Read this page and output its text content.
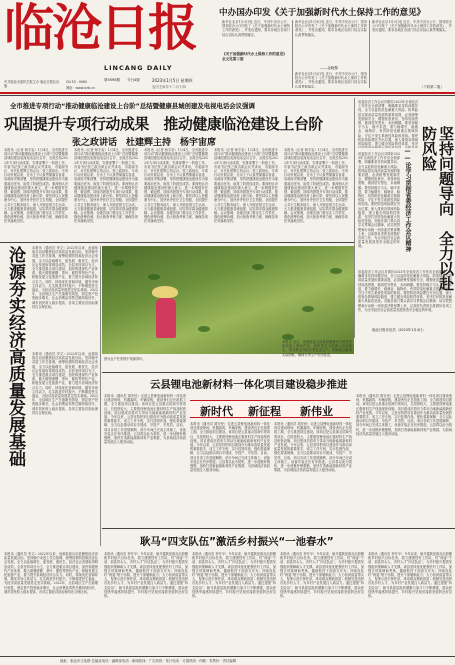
临沧日报
LINCANG DAILY
2023年1月5日 星期四
农历壬寅年十二月十四
第5590期 今日4版
中共临沧市委机关报主办 临沧日报社出版
CN 53 - 0065
网址：www.lcrb.cn
中办国办印发《关于加强新时代水土保持工作的意见》
新华社北京1月3日电 近日，中共中央办公厅、国务院办公厅印发了《关于加强新时代水土保持工作的意见》，并发出通知，要求各地区各部门结合实际认真贯彻落实。
《关于加强新时代水土保持工作的意见》全文见第三版
新华社北京1月3日电 近日，中共中央办公厅、国务院办公厅印发了《关于加强新时代水土保持工作的意见》，并发出通知，要求各地区各部门结合实际认真贯彻落实。
——金晓黎
新华社北京1月3日电 近日，中共中央办公厅、国务院办公厅印发了《关于加强新时代水土保持工作的意见》，并发出通知，要求各地区各部门结合实际认真贯彻落实。
新华社北京1月3日电 近日，中共中央办公厅、国务院办公厅印发了《关于加强新时代水土保持工作的意见》，并发出通知，要求各地区各部门结合实际认真贯彻落实。
（下转第二版）
全市推进专项行动“推动健康临沧建设上台阶”总结暨健康县城创建及电视电话会议强调
巩固提升专项行动成果　推动健康临沧建设上台阶
张之政讲话　杜建辉主持　杨宇宙席
本报讯（记者 杨宇宙）1月4日，全市推进专项行动“推动健康临沧建设上台阶”总结暨健康县城创建及电视电话会议召开，全面总结2022年专项行动成果，安排部署下一阶段工作。市委书记张之政出席会议并讲话，市委副书记、市长杜建辉主持会议。张之政指出，专项行动开展以来，全市上下认真贯彻落实省委、省政府决策部署，坚持把健康临沧建设作为重要政治任务，取得了阶段性成效。要深刻认识健康临沧建设的重大意义，进一步增强责任感、紧迫感，持续巩固提升专项行动成果，推动健康临沧建设再上新台阶。要坚持以人民健康为中心，加快补齐医疗卫生短板，全面提升公共卫生服务能力，深入开展爱国卫生运动，大力推进健康县城创建，切实筑牢群众健康屏障。会议强调，各级各部门要压实工作责任，强化统筹协调，加大督查考核力度，确保各项任务落地见效。
本报讯（记者 杨宇宙）1月4日，全市推进专项行动“推动健康临沧建设上台阶”总结暨健康县城创建及电视电话会议召开，全面总结2022年专项行动成果，安排部署下一阶段工作。市委书记张之政出席会议并讲话，市委副书记、市长杜建辉主持会议。张之政指出，专项行动开展以来，全市上下认真贯彻落实省委、省政府决策部署，坚持把健康临沧建设作为重要政治任务，取得了阶段性成效。要深刻认识健康临沧建设的重大意义，进一步增强责任感、紧迫感，持续巩固提升专项行动成果，推动健康临沧建设再上新台阶。要坚持以人民健康为中心，加快补齐医疗卫生短板，全面提升公共卫生服务能力，深入开展爱国卫生运动，大力推进健康县城创建，切实筑牢群众健康屏障。会议强调，各级各部门要压实工作责任，强化统筹协调，加大督查考核力度，确保各项任务落地见效。
本报讯（记者 杨宇宙）1月4日，全市推进专项行动“推动健康临沧建设上台阶”总结暨健康县城创建及电视电话会议召开，全面总结2022年专项行动成果，安排部署下一阶段工作。市委书记张之政出席会议并讲话，市委副书记、市长杜建辉主持会议。张之政指出，专项行动开展以来，全市上下认真贯彻落实省委、省政府决策部署，坚持把健康临沧建设作为重要政治任务，取得了阶段性成效。要深刻认识健康临沧建设的重大意义，进一步增强责任感、紧迫感，持续巩固提升专项行动成果，推动健康临沧建设再上新台阶。要坚持以人民健康为中心，加快补齐医疗卫生短板，全面提升公共卫生服务能力，深入开展爱国卫生运动，大力推进健康县城创建，切实筑牢群众健康屏障。会议强调，各级各部门要压实工作责任，强化统筹协调，加大督查考核力度，确保各项任务落地见效。
本报讯（记者 杨宇宙）1月4日，全市推进专项行动“推动健康临沧建设上台阶”总结暨健康县城创建及电视电话会议召开，全面总结2022年专项行动成果，安排部署下一阶段工作。市委书记张之政出席会议并讲话，市委副书记、市长杜建辉主持会议。张之政指出，专项行动开展以来，全市上下认真贯彻落实省委、省政府决策部署，坚持把健康临沧建设作为重要政治任务，取得了阶段性成效。要深刻认识健康临沧建设的重大意义，进一步增强责任感、紧迫感，持续巩固提升专项行动成果，推动健康临沧建设再上新台阶。要坚持以人民健康为中心，加快补齐医疗卫生短板，全面提升公共卫生服务能力，深入开展爱国卫生运动，大力推进健康县城创建，切实筑牢群众健康屏障。会议强调，各级各部门要压实工作责任，强化统筹协调，加大督查考核力度，确保各项任务落地见效。
本报讯（记者 杨宇宙）1月4日，全市推进专项行动“推动健康临沧建设上台阶”总结暨健康县城创建及电视电话会议召开，全面总结2022年专项行动成果，安排部署下一阶段工作。市委书记张之政出席会议并讲话，市委副书记、市长杜建辉主持会议。张之政指出，专项行动开展以来，全市上下认真贯彻落实省委、省政府决策部署，坚持把健康临沧建设作为重要政治任务，取得了阶段性成效。要深刻认识健康临沧建设的重大意义，进一步增强责任感、紧迫感，持续巩固提升专项行动成果，推动健康临沧建设再上新台阶。要坚持以人民健康为中心，加快补齐医疗卫生短板，全面提升公共卫生服务能力，深入开展爱国卫生运动，大力推进健康县城创建，切实筑牢群众健康屏障。会议强调，各级各部门要压实工作责任，强化统筹协调，加大督查考核力度，确保各项任务落地见效。
省委经济工作会议对做好2023年全省经济工作作出全面部署，明确要求坚持问题导向，全力以赴防范化解重大风险。防风险是实现高质量发展的重要前提，必须统筹发展和安全，增强忧患意识，坚持底线思维，做到居安思危、未雨绸缪。要坚持稳字当头、稳中求进，着力稳增长、稳就业、稳物价，有效防范化解重点领域风险，守住不发生系统性风险的底线。要把防范风险摆在突出位置，深入排查各领域风险隐患，建立健全风险防控体系，坚决	坚持问题导向　全力以赴防风险
——论学习贯彻省委经济工作会议精神
省委经济工作会议对做好2023年全省经济工作作出全面部署，明确要求坚持问题导向，全力以赴防范化解重大风险。防风险是实现高质量发展的重要前提，必须统筹发展和安全，增强忧患意识，坚持底线思维，做到居安思危、未雨绸缪。要坚持稳字当头、稳中求进，着力稳增长、稳就业、稳物价，有效防范化解重点领域风险，守住不发生系统性风险的底线。要把防范风险摆在突出位置，深入排查各领域风险隐患，建立健全风险防控体系，坚决打好防范化解重大风险攻坚战。各级各部门要认真学习贯彻会议精神，切实把思想和行动统一到省委决策部署上来，以高度负责的态度做好各项工作，为全市经济社会高质量发展营造安全稳定的环境。
省委经济工作会议对做好2023年全省经济工作作出全面部署，明确要求坚持问题导向，全力以赴防范化解重大风险。防风险是实现高质量发展的重要前提，必须统筹发展和安全，增强忧患意识，坚持底线思维，做到居安思危、未雨绸缪。要坚持稳字当头、稳中求进，着力稳增长、稳就业、稳物价，有效防范化解重点领域风险，守住不发生系统性风险的底线。要把防范风险摆在突出位置，深入排查各领域风险隐患，建立健全风险防控体系，坚决打好防范化解重大风险攻坚战。各级各部门要认真学习贯彻会议精神，切实把思想和行动统一到省委决策部署上来，以高度负责的态度做好各项工作，为全市经济社会高质量发展营造安全稳定的环境。
临沧日报评论员（2023年1月4日）
沧源夯实经济高质量发展基础 本报讯（通讯员 李文）2022年以来，沧源佤族自治县聚焦经济高质量发展目标，坚持稳中求进工作总基调，统筹疫情防控和经济社会发展，全力以赴稳增长、促发展、惠民生，经济社会发展取得明显成效。全县坚持项目为王，全力推进重点项目建设，加快构建现代产业体系，做大做强蔗糖、茶叶、畜牧等特色产业，积极发展文化旅游产业，着力提升县域经济综合实力。同时，持续优化营商环境，激发市场主体活力，扎实推进乡村振兴，不断增进民生福祉，为经济高质量发展奠定坚实基础。2022年，全县地区生产总值增长明显，固定资产投资稳步增长，社会消费品零售总额持续回升，城乡居民收入稳步提高，各项主要经济指标保持在合理区间。
本报讯（通讯员 李文）2022年以来，沧源佤族自治县聚焦经济高质量发展目标，坚持稳中求进工作总基调，统筹疫情防控和经济社会发展，全力以赴稳增长、促发展、惠民生，经济社会发展取得明显成效。全县坚持项目为王，全力推进重点项目建设，加快构建现代产业体系，做大做强蔗糖、茶叶、畜牧等特色产业，积极发展文化旅游产业，着力提升县域经济综合实力。同时，持续优化营商环境，激发市场主体活力，扎实推进乡村振兴，不断增进民生福祉，为经济高质量发展奠定坚实基础。2022年，全县地区生产总值增长明显，固定资产投资稳步增长，社会消费品零售总额持续回升，城乡居民收入稳步提高，各项主要经济指标保持在合理区间。
图为农户在茶园中采摘茶叶。
本报讯 近日，沧源佤族自治县勐董镇充分发挥党组织战斗堡垒作用，组织党员干部深入田间地头，指导群众开展冬季农业生产，帮助群众解决实际困难，确保冬季生产有序推进。
云县锂电池新材料一体化项目建设稳步推进
新时代 新征程 新伟业
本报讯（通讯员 胡安民）走进云县锂电池新材料一体化项目建设现场，机器轰鸣，车辆穿梭，建设者们正在抢抓工期，全力推进项目建设。该项目是云县重点招商引资项目，总投资较大，主要建设锂电池正极材料生产线及配套设施，项目建成后将有力带动当地新能源新材料产业发展。今年以来，云县坚持把项目建设作为推动高质量发展的重要抓手，成立工作专班，实行挂图作战，强化要素保障，全力以赴推动项目早建成、早投产、早见效。目前，项目各项工作进展顺利，部分车间已完成主体施工，设备安装正在有序推进。云县将以此为契机，进一步延链补链强链，加快打造新能源新材料产业集群，为县域经济高质量发展注入强劲动能。
本报讯（通讯员 胡安民）走进云县锂电池新材料一体化项目建设现场，机器轰鸣，车辆穿梭，建设者们正在抢抓工期，全力推进项目建设。该项目是云县重点招商引资项目，总投资较大，主要建设锂电池正极材料生产线及配套设施，项目建成后将有力带动当地新能源新材料产业发展。今年以来，云县坚持把项目建设作为推动高质量发展的重要抓手，成立工作专班，实行挂图作战，强化要素保障，全力以赴推动项目早建成、早投产、早见效。目前，项目各项工作进展顺利，部分车间已完成主体施工，设备安装正在有序推进。云县将以此为契机，进一步延链补链强链，加快打造新能源新材料产业集群，为县域经济高质量发展注入强劲动能。
本报讯（通讯员 胡安民）走进云县锂电池新材料一体化项目建设现场，机器轰鸣，车辆穿梭，建设者们正在抢抓工期，全力推进项目建设。该项目是云县重点招商引资项目，总投资较大，主要建设锂电池正极材料生产线及配套设施，项目建成后将有力带动当地新能源新材料产业发展。今年以来，云县坚持把项目建设作为推动高质量发展的重要抓手，成立工作专班，实行挂图作战，强化要素保障，全力以赴推动项目早建成、早投产、早见效。目前，项目各项工作进展顺利，部分车间已完成主体施工，设备安装正在有序推进。云县将以此为契机，进一步延链补链强链，加快打造新能源新材料产业集群，为县域经济高质量发展注入强劲动能。
本报讯（通讯员 胡安民）走进云县锂电池新材料一体化项目建设现场，机器轰鸣，车辆穿梭，建设者们正在抢抓工期，全力推进项目建设。该项目是云县重点招商引资项目，总投资较大，主要建设锂电池正极材料生产线及配套设施，项目建成后将有力带动当地新能源新材料产业发展。今年以来，云县坚持把项目建设作为推动高质量发展的重要抓手，成立工作专班，实行挂图作战，强化要素保障，全力以赴推动项目早建成、早投产、早见效。目前，项目各项工作进展顺利，部分车间已完成主体施工，设备安装正在有序推进。云县将以此为契机，进一步延链补链强链，加快打造新能源新材料产业集群，为县域经济高质量发展注入强劲动能。
耿马“四支队伍”激活乡村振兴“一池春水”
本报讯（通讯员 李安平）今年以来，耿马傣族佤族自治县聚焦乡村振兴目标任务，着力建强驻村工作队、村“两委”干部、致富带头人、乡村人才“四支队伍”，为乡村振兴提供坚强组织保障和人才支撑。该县坚持选优配强驻村工作队，加强日常管理和考核，激励驻村干部担当作为；持续优化村“两委”班子结构，提升干部履职能力；大力培育致富带头人，发挥示范引领作用，带动群众增收致富；积极引进培养各类乡村人才，为乡村产业发展注入新活力。通过建强“四支队伍”，耿马县基层组织凝聚力战斗力不断增强，群众获得感幸福感持续提升，乡村振兴呈现出蓬勃发展的良好态势。
本报讯（通讯员 李安平）今年以来，耿马傣族佤族自治县聚焦乡村振兴目标任务，着力建强驻村工作队、村“两委”干部、致富带头人、乡村人才“四支队伍”，为乡村振兴提供坚强组织保障和人才支撑。该县坚持选优配强驻村工作队，加强日常管理和考核，激励驻村干部担当作为；持续优化村“两委”班子结构，提升干部履职能力；大力培育致富带头人，发挥示范引领作用，带动群众增收致富；积极引进培养各类乡村人才，为乡村产业发展注入新活力。通过建强“四支队伍”，耿马县基层组织凝聚力战斗力不断增强，群众获得感幸福感持续提升，乡村振兴呈现出蓬勃发展的良好态势。
本报讯（通讯员 李安平）今年以来，耿马傣族佤族自治县聚焦乡村振兴目标任务，着力建强驻村工作队、村“两委”干部、致富带头人、乡村人才“四支队伍”，为乡村振兴提供坚强组织保障和人才支撑。该县坚持选优配强驻村工作队，加强日常管理和考核，激励驻村干部担当作为；持续优化村“两委”班子结构，提升干部履职能力；大力培育致富带头人，发挥示范引领作用，带动群众增收致富；积极引进培养各类乡村人才，为乡村产业发展注入新活力。通过建强“四支队伍”，耿马县基层组织凝聚力战斗力不断增强，群众获得感幸福感持续提升，乡村振兴呈现出蓬勃发展的良好态势。
本报讯（通讯员 李安平）今年以来，耿马傣族佤族自治县聚焦乡村振兴目标任务，着力建强驻村工作队、村“两委”干部、致富带头人、乡村人才“四支队伍”，为乡村振兴提供坚强组织保障和人才支撑。该县坚持选优配强驻村工作队，加强日常管理和考核，激励驻村干部担当作为；持续优化村“两委”班子结构，提升干部履职能力；大力培育致富带头人，发挥示范引领作用，带动群众增收致富；积极引进培养各类乡村人才，为乡村产业发展注入新活力。通过建强“四支队伍”，耿马县基层组织凝聚力战斗力不断增强，群众获得感幸福感持续提升，乡村振兴呈现出蓬勃发展的良好态势。
本报讯（通讯员 李文）2022年以来，沧源佤族自治县聚焦经济高质量发展目标，坚持稳中求进工作总基调，统筹疫情防控和经济社会发展，全力以赴稳增长、促发展、惠民生，经济社会发展取得明显成效。全县坚持项目为王，全力推进重点项目建设，加快构建现代产业体系，做大做强蔗糖、茶叶、畜牧等特色产业，积极发展文化旅游产业，着力提升县域经济综合实力。同时，持续优化营商环境，激发市场主体活力，扎实推进乡村振兴，不断增进民生福祉，为经济高质量发展奠定坚实基础。2022年，全县地区生产总值增长明显，固定资产投资稳步增长，社会消费品零售总额持续回升，城乡居民收入稳步提高，各项主要经济指标保持在合理区间。
地址：临沧市文化路·总编室电话 · 编辑部电话 · 新闻热线 · 广告热线 · 发行电话 · 订阅热线 · 印刷 · 零售价 · 责任编辑
